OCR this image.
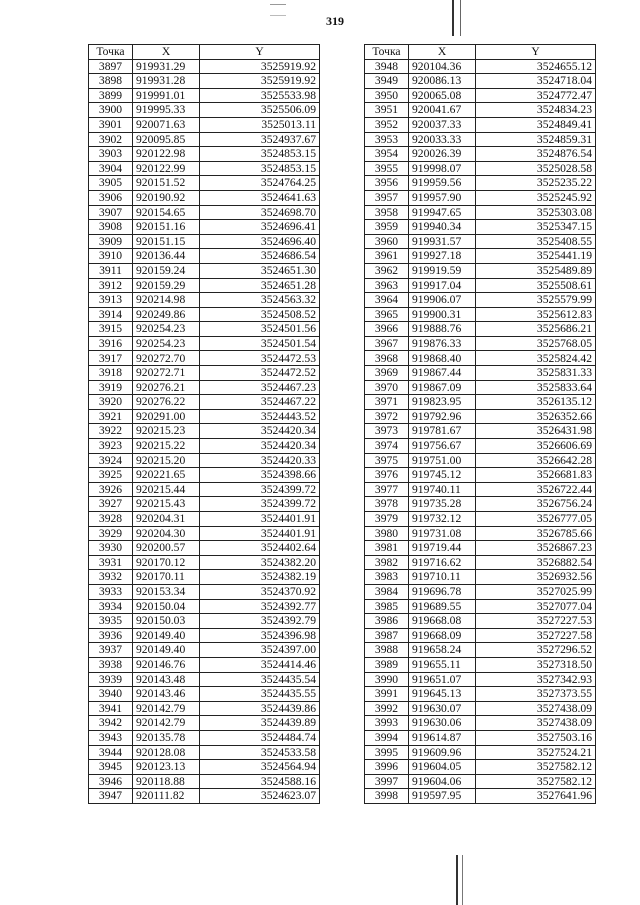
319
Точка	X	Y
3897	919931.29	3525919.92
3898	919931.28	3525919.92
3899	919991.01	3525533.98
3900	919995.33	3525506.09
3901	920071.63	3525013.11
3902	920095.85	3524937.67
3903	920122.98	3524853.15
3904	920122.99	3524853.15
3905	920151.52	3524764.25
3906	920190.92	3524641.63
3907	920154.65	3524698.70
3908	920151.16	3524696.41
3909	920151.15	3524696.40
3910	920136.44	3524686.54
3911	920159.24	3524651.30
3912	920159.29	3524651.28
3913	920214.98	3524563.32
3914	920249.86	3524508.52
3915	920254.23	3524501.56
3916	920254.23	3524501.54
3917	920272.70	3524472.53
3918	920272.71	3524472.52
3919	920276.21	3524467.23
3920	920276.22	3524467.22
3921	920291.00	3524443.52
3922	920215.23	3524420.34
3923	920215.22	3524420.34
3924	920215.20	3524420.33
3925	920221.65	3524398.66
3926	920215.44	3524399.72
3927	920215.43	3524399.72
3928	920204.31	3524401.91
3929	920204.30	3524401.91
3930	920200.57	3524402.64
3931	920170.12	3524382.20
3932	920170.11	3524382.19
3933	920153.34	3524370.92
3934	920150.04	3524392.77
3935	920150.03	3524392.79
3936	920149.40	3524396.98
3937	920149.40	3524397.00
3938	920146.76	3524414.46
3939	920143.48	3524435.54
3940	920143.46	3524435.55
3941	920142.79	3524439.86
3942	920142.79	3524439.89
3943	920135.78	3524484.74
3944	920128.08	3524533.58
3945	920123.13	3524564.94
3946	920118.88	3524588.16
3947	920111.82	3524623.07
Точка	X	Y
3948	920104.36	3524655.12
3949	920086.13	3524718.04
3950	920065.08	3524772.47
3951	920041.67	3524834.23
3952	920037.33	3524849.41
3953	920033.33	3524859.31
3954	920026.39	3524876.54
3955	919998.07	3525028.58
3956	919959.56	3525235.22
3957	919957.90	3525245.92
3958	919947.65	3525303.08
3959	919940.34	3525347.15
3960	919931.57	3525408.55
3961	919927.18	3525441.19
3962	919919.59	3525489.89
3963	919917.04	3525508.61
3964	919906.07	3525579.99
3965	919900.31	3525612.83
3966	919888.76	3525686.21
3967	919876.33	3525768.05
3968	919868.40	3525824.42
3969	919867.44	3525831.33
3970	919867.09	3525833.64
3971	919823.95	3526135.12
3972	919792.96	3526352.66
3973	919781.67	3526431.98
3974	919756.67	3526606.69
3975	919751.00	3526642.28
3976	919745.12	3526681.83
3977	919740.11	3526722.44
3978	919735.28	3526756.24
3979	919732.12	3526777.05
3980	919731.08	3526785.66
3981	919719.44	3526867.23
3982	919716.62	3526882.54
3983	919710.11	3526932.56
3984	919696.78	3527025.99
3985	919689.55	3527077.04
3986	919668.08	3527227.53
3987	919668.09	3527227.58
3988	919658.24	3527296.52
3989	919655.11	3527318.50
3990	919651.07	3527342.93
3991	919645.13	3527373.55
3992	919630.07	3527438.09
3993	919630.06	3527438.09
3994	919614.87	3527503.16
3995	919609.96	3527524.21
3996	919604.05	3527582.12
3997	919604.06	3527582.12
3998	919597.95	3527641.96
